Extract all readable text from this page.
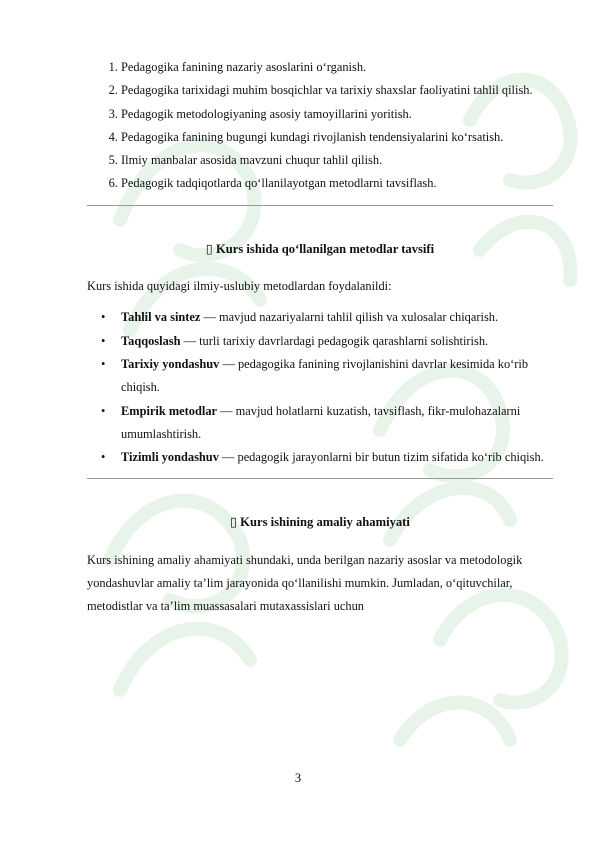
1. Pedagogika fanining nazariy asoslarini o‘rganish.
2. Pedagogika tarixidagi muhim bosqichlar va tarixiy shaxslar faoliyatini tahlil qilish.
3. Pedagogik metodologiyaning asosiy tamoyillarini yoritish.
4. Pedagogika fanining bugungi kundagi rivojlanish tendensiyalarini ko‘rsatish.
5. Ilmiy manbalar asosida mavzuni chuqur tahlil qilish.
6. Pedagogik tadqiqotlarda qo‘llanilayotgan metodlarni tavsiflash.
▯ Kurs ishida qo‘llanilgan metodlar tavsifi

Kurs ishida quyidagi ilmiy-uslubiy metodlardan foydalanildi:

• Tahlil va sintez — mavjud nazariyalarni tahlil qilish va xulosalar chiqarish.
• Taqqoslash — turli tarixiy davrlardagi pedagogik qarashlarni solishtirish.
• Tarixiy yondashuv — pedagogika fanining rivojlanishini davrlar kesimida ko‘rib chiqish.
• Empirik metodlar — mavjud holatlarni kuzatish, tavsiflash, fikr-mulohazalarni umumlashtirish.
• Tizimli yondashuv — pedagogik jarayonlarni bir butun tizim sifatida ko‘rib chiqish.
▯ Kurs ishining amaliy ahamiyati

Kurs ishining amaliy ahamiyati shundaki, unda berilgan nazariy asoslar va metodologik yondashuvlar amaliy ta’lim jarayonida qo‘llanilishi mumkin. Jumladan, o‘qituvchilar, metodistlar va ta’lim muassasalari mutaxassislari uchun

3
